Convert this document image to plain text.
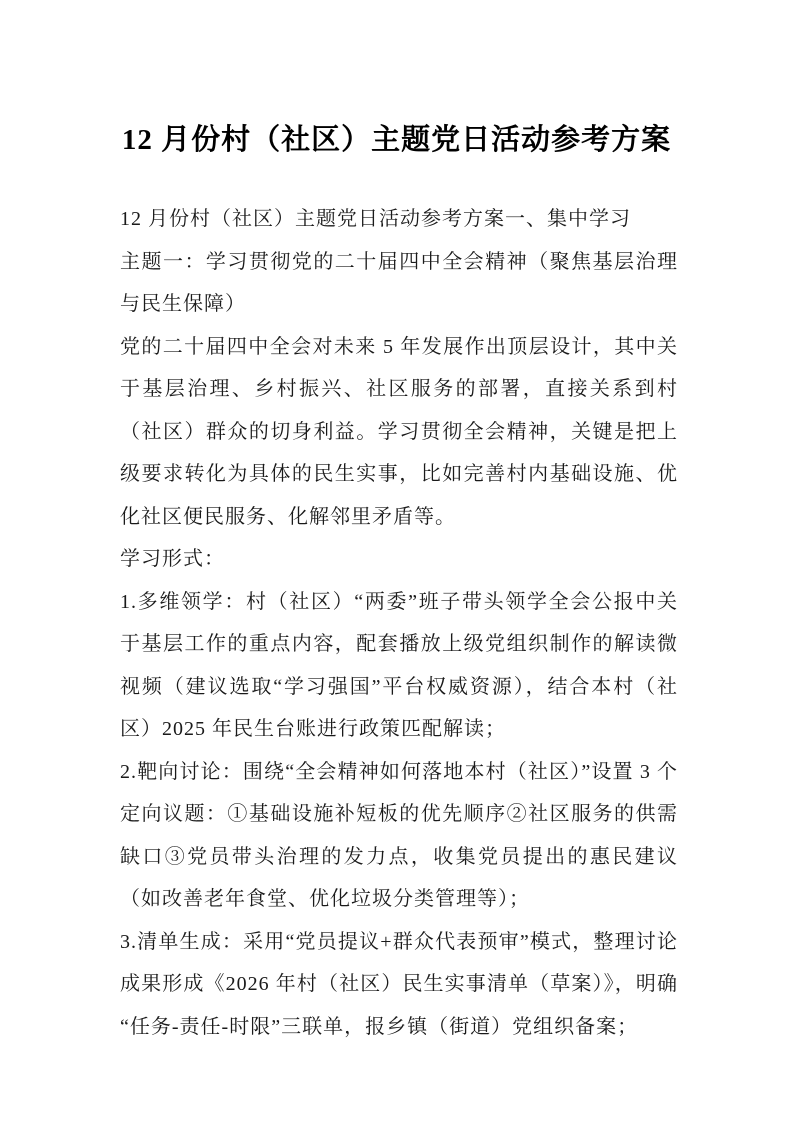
12 月份村（社区）主题党日活动参考方案

12 月份村（社区）主题党日活动参考方案一、集中学习

主题一：学习贯彻党的二十届四中全会精神（聚焦基层治理与民生保障）

党的二十届四中全会对未来 5 年发展作出顶层设计，其中关于基层治理、乡村振兴、社区服务的部署，直接关系到村（社区）群众的切身利益。学习贯彻全会精神，关键是把上级要求转化为具体的民生实事，比如完善村内基础设施、优化社区便民服务、化解邻里矛盾等。

学习形式：

1.多维领学：村（社区）“两委”班子带头领学全会公报中关于基层工作的重点内容，配套播放上级党组织制作的解读微视频（建议选取“学习强国”平台权威资源），结合本村（社区）2025 年民生台账进行政策匹配解读；

2.靶向讨论：围绕“全会精神如何落地本村（社区）”设置 3 个定向议题：①基础设施补短板的优先顺序②社区服务的供需缺口③党员带头治理的发力点，收集党员提出的惠民建议（如改善老年食堂、优化垃圾分类管理等）；

3.清单生成：采用“党员提议+群众代表预审”模式，整理讨论成果形成《2026 年村（社区）民生实事清单（草案）》，明确“任务-责任-时限”三联单，报乡镇（街道）党组织备案；
